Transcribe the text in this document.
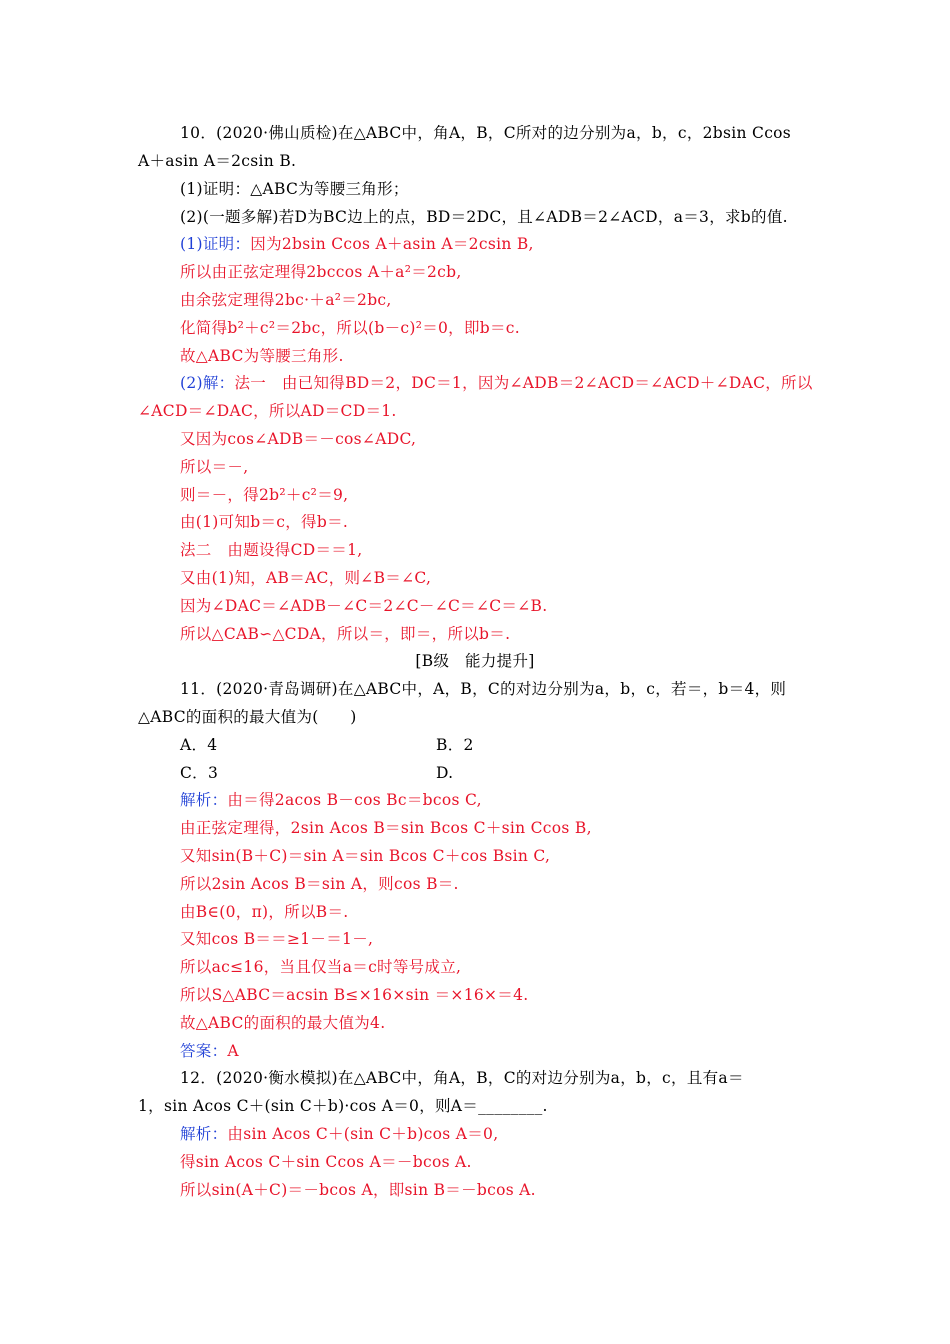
10．(2020·佛山质检)在△ABC中，角A，B，C所对的边分别为a，b，c，2bsin Ccos
A＋asin A＝2csin B.
(1)证明：△ABC为等腰三角形；
(2)(一题多解)若D为BC边上的点，BD＝2DC，且∠ADB＝2∠ACD，a＝3，求b的值.
(1)证明：因为2bsin Ccos A＋asin A＝2csin B,
所以由正弦定理得2bccos A＋a²＝2cb,
由余弦定理得2bc·＋a²＝2bc,
化简得b²＋c²＝2bc，所以(b－c)²＝0，即b＝c.
故△ABC为等腰三角形.
(2)解：法一　由已知得BD＝2，DC＝1，因为∠ADB＝2∠ACD＝∠ACD＋∠DAC，所以
∠ACD＝∠DAC，所以AD＝CD＝1.
又因为cos∠ADB＝－cos∠ADC,
所以＝－,
则＝－，得2b²＋c²＝9,
由(1)可知b＝c，得b＝.
法二　由题设得CD＝＝1,
又由(1)知，AB＝AC，则∠B＝∠C,
因为∠DAC＝∠ADB－∠C＝2∠C－∠C＝∠C＝∠B.
所以△CAB∽△CDA，所以＝，即＝，所以b＝.
[B级　能力提升]
11．(2020·青岛调研)在△ABC中，A，B，C的对边分别为a，b，c，若＝，b＝4，则
△ABC的面积的最大值为(　　)
A．4	B．2
C．3	D.
解析：由＝得2acos B－cos Bc＝bcos C,
由正弦定理得，2sin Acos B＝sin Bcos C＋sin Ccos B,
又知sin(B＋C)＝sin A＝sin Bcos C＋cos Bsin C,
所以2sin Acos B＝sin A，则cos B＝.
由B∈(0，π)，所以B＝.
又知cos B＝＝≥1－＝1－,
所以ac≤16，当且仅当a＝c时等号成立,
所以S△ABC＝acsin B≤×16×sin ＝×16×＝4.
故△ABC的面积的最大值为4.
答案：A
12．(2020·衡水模拟)在△ABC中，角A，B，C的对边分别为a，b，c，且有a＝
1，sin Acos C＋(sin C＋b)·cos A＝0，则A＝________.
解析：由sin Acos C＋(sin C＋b)cos A＝0,
得sin Acos C＋sin Ccos A＝－bcos A.
所以sin(A＋C)＝－bcos A，即sin B＝－bcos A.
